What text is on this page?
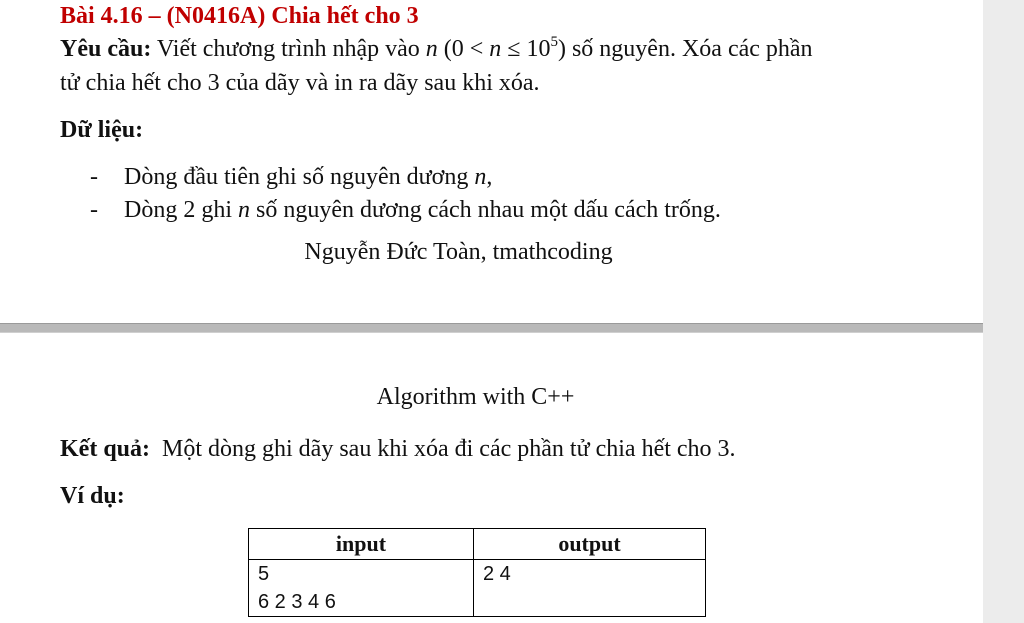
Bài 4.16 – (N0416A) Chia hết cho 3
Yêu cầu: Viết chương trình nhập vào n $(0 < n \le 10^5)$ số nguyên. Xóa các phần
tử chia hết cho 3 của dãy và in ra dãy sau khi xóa.
Dữ liệu:
- Dòng đầu tiên ghi số nguyên dương n,
- Dòng 2 ghi n số nguyên dương cách nhau một dấu cách trống.
Nguyễn Đức Toàn, tmathcoding
Algorithm with C++
Kết quả:  Một dòng ghi dãy sau khi xóa đi các phần tử chia hết cho 3.
Ví dụ:
input	output

5
6 2 3 4 6	2 4
